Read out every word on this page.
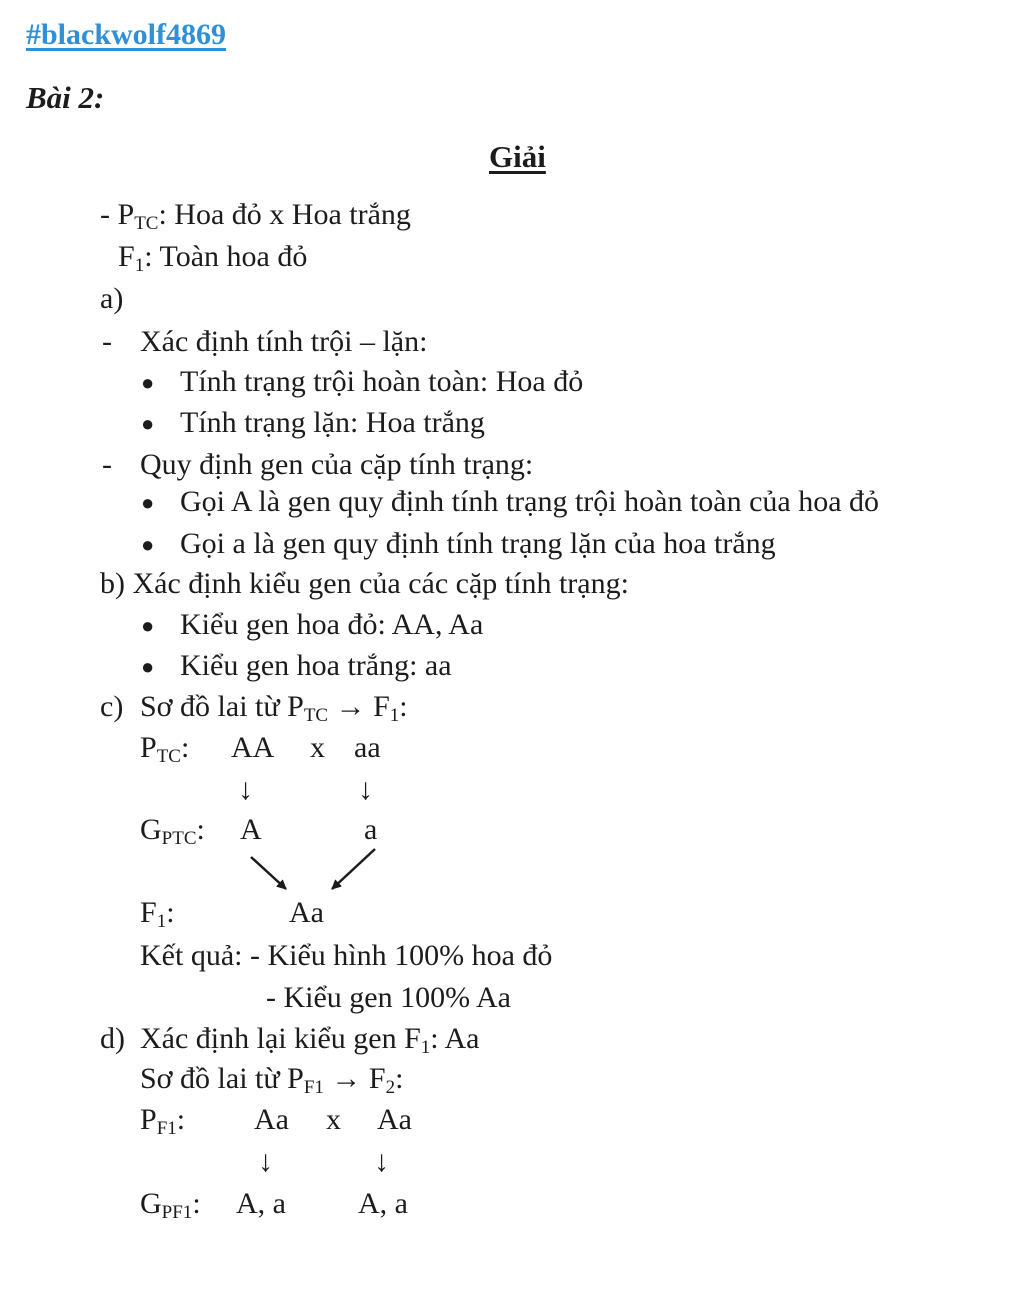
#blackwolf4869
Bài 2:
Giải
- $P_{TC}$: Hoa đỏ x Hoa trắng
$F_1$: Toàn hoa đỏ
a)
- Xác định tính trội – lặn:
● Tính trạng trội hoàn toàn: Hoa đỏ
● Tính trạng lặn: Hoa trắng
- Quy định gen của cặp tính trạng:
● Gọi A là gen quy định tính trạng trội hoàn toàn của hoa đỏ
● Gọi a là gen quy định tính trạng lặn của hoa trắng
b) Xác định kiểu gen của các cặp tính trạng:
● Kiểu gen hoa đỏ: AA, Aa
● Kiểu gen hoa trắng: aa
c) Sơ đồ lai từ $P_{TC} \to F_1$:
$P_{TC}$: AA x aa
↓	↓
$G_{PTC}$: A	a
$F_1$:	Aa
Kết quả: - Kiểu hình 100% hoa đỏ
- Kiểu gen 100% Aa
d) Xác định lại kiểu gen $F_1$: Aa
Sơ đồ lai từ $P_{F1} \to F_2$:
$P_{F1}$: Aa x Aa
↓	↓
$G_{PF1}$: A, a A, a
